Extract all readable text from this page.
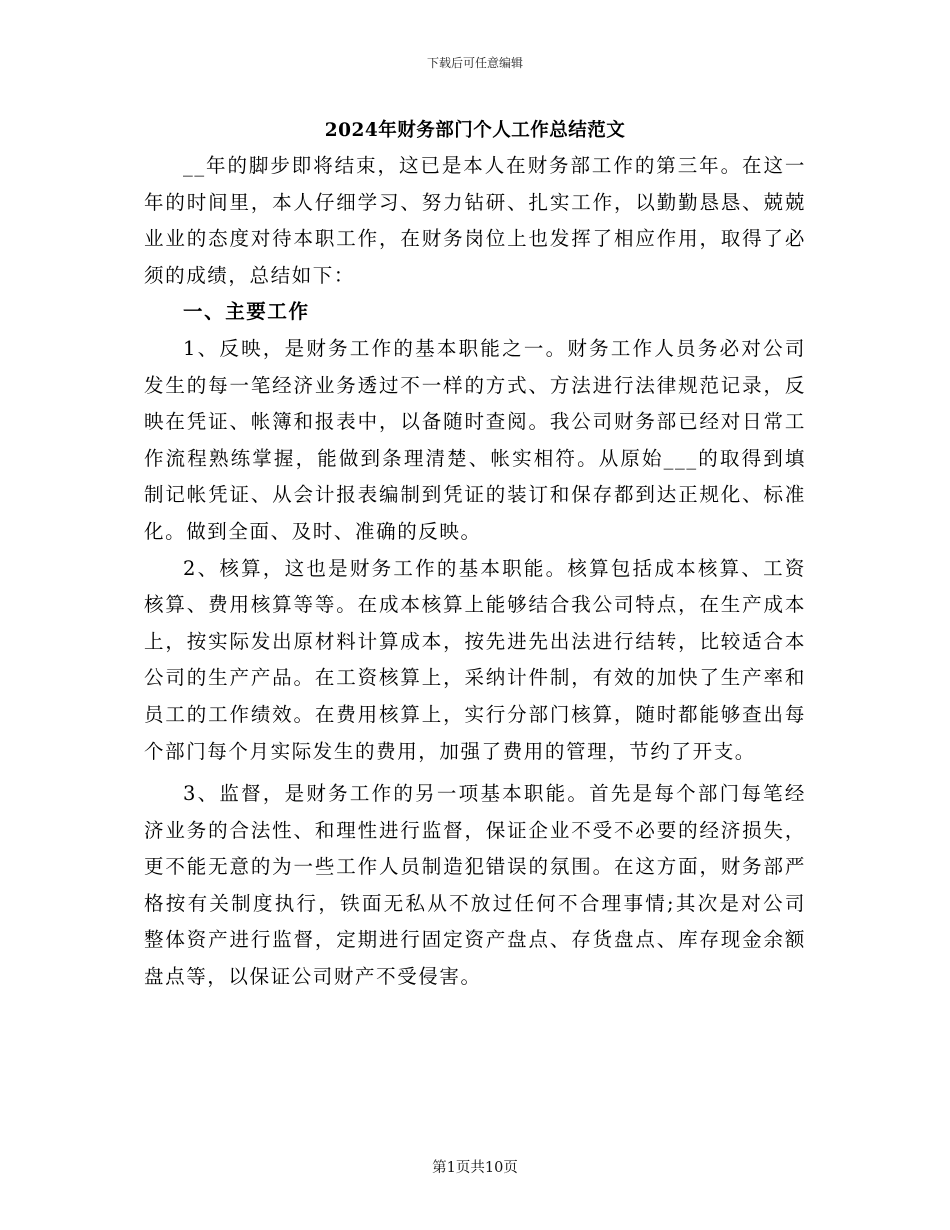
下载后可任意编辑
2024年财务部门个人工作总结范文

__年的脚步即将结束，这已是本人在财务部工作的第三年。在这一年的时间里，本人仔细学习、努力钻研、扎实工作，以勤勤恳恳、兢兢业业的态度对待本职工作，在财务岗位上也发挥了相应作用，取得了必须的成绩，总结如下：

一、主要工作

1、反映，是财务工作的基本职能之一。财务工作人员务必对公司发生的每一笔经济业务透过不一样的方式、方法进行法律规范记录，反映在凭证、帐簿和报表中，以备随时查阅。我公司财务部已经对日常工作流程熟练掌握，能做到条理清楚、帐实相符。从原始___的取得到填制记帐凭证、从会计报表编制到凭证的装订和保存都到达正规化、标准化。做到全面、及时、准确的反映。

2、核算，这也是财务工作的基本职能。核算包括成本核算、工资核算、费用核算等等。在成本核算上能够结合我公司特点，在生产成本上，按实际发出原材料计算成本，按先进先出法进行结转，比较适合本公司的生产产品。在工资核算上，采纳计件制，有效的加快了生产率和员工的工作绩效。在费用核算上，实行分部门核算，随时都能够查出每个部门每个月实际发生的费用，加强了费用的管理，节约了开支。

3、监督，是财务工作的另一项基本职能。首先是每个部门每笔经济业务的合法性、和理性进行监督，保证企业不受不必要的经济损失，更不能无意的为一些工作人员制造犯错误的氛围。在这方面，财务部严格按有关制度执行，铁面无私从不放过任何不合理事情;其次是对公司整体资产进行监督，定期进行固定资产盘点、存货盘点、库存现金余额盘点等，以保证公司财产不受侵害。

第1页共10页
